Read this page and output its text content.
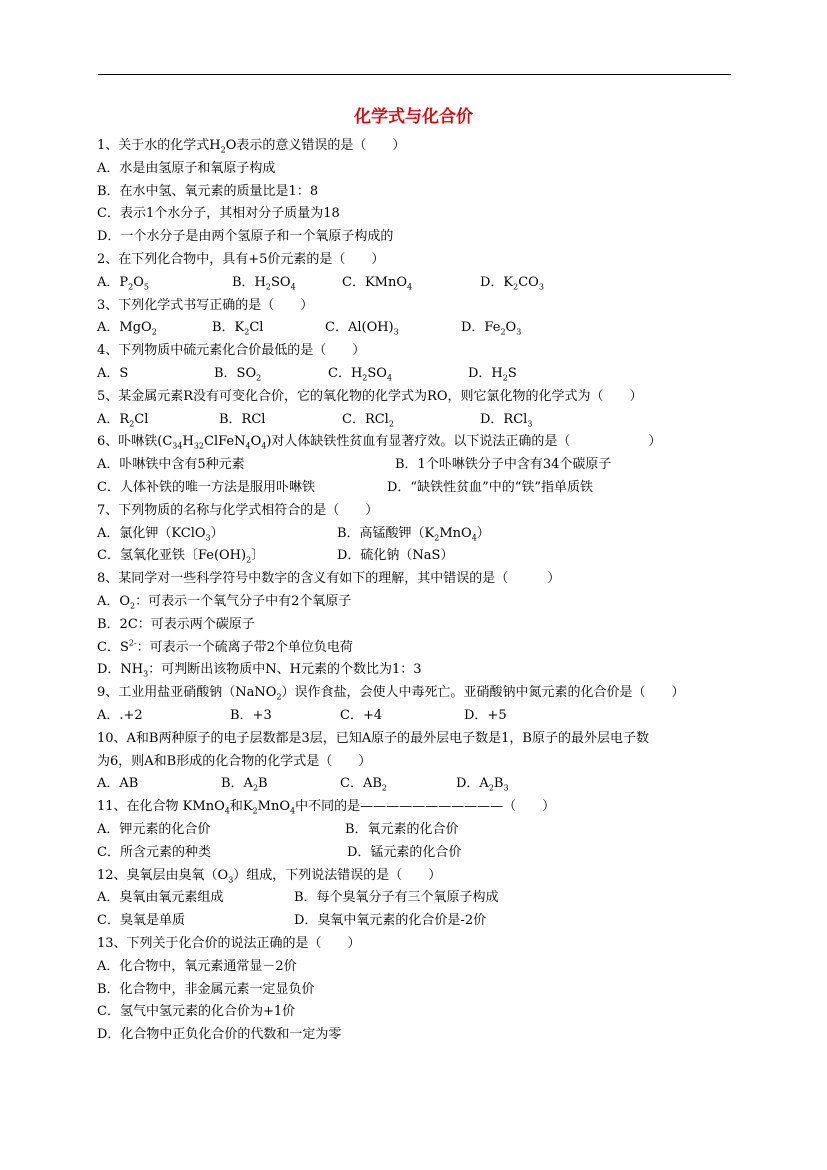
化学式与化合价
1、关于水的化学式$H_2O$表示的意义错误的是（　　）
A．水是由氢原子和氧原子构成
B．在水中氢、氧元素的质量比是1：8
C．表示1个水分子，其相对分子质量为18
D．一个水分子是由两个氢原子和一个氧原子构成的
2、在下列化合物中，具有+5价元素的是（　　）
A．$P_2O_5$	B．$H_2SO_4$	C．KMnO$_4$	D．$K_2CO_3$
3、下列化学式书写正确的是（　　）
A．MgO$_2$	B．$K_2Cl$	C．$Al(OH)_3$	D．$Fe_2O_3$
4、下列物质中硫元素化合价最低的是（　　）
A．S	B．$SO_2$	C．$H_2SO_4$	D．$H_2S$
5、某金属元素R没有可变化合价，它的氧化物的化学式为RO，则它氯化物的化学式为（　　）
A．$R_2Cl$	B．RCl	C．RCl$_2$	D．RCl$_3$
6、卟啉铁$(C_{34}H_{32}ClFeN_4O_4)$对人体缺铁性贫血有显著疗效。以下说法正确的是（　　　　　　）
A．卟啉铁中含有5种元素	B．1个卟啉铁分子中含有34个碳原子
C．人体补铁的唯一方法是服用卟啉铁	D．“缺铁性贫血”中的“铁”指单质铁
7、下列物质的名称与化学式相符合的是（　　）
A．氯化钾（KClO$_3$）	B．高锰酸钾$(K_2MnO_4)$
C．氢氧化亚铁〔$Fe(OH)_2$〕	D．硫化钠（NaS）
8、某同学对一些科学符号中数字的含义有如下的理解，其中错误的是（　　　）
A．$O_2$：可表示一个氧气分子中有2个氧原子
B．2C：可表示两个碳原子
C．$S^{2-}$：可表示一个硫离子带2个单位负电荷
D．$NH_3$：可判断出该物质中N、H元素的个数比为1：3
9、工业用盐亚硝酸钠（NaNO$_2$）误作食盐，会使人中毒死亡。亚硝酸钠中氮元素的化合价是（　　）
A．.+2	B．+3	C．+4	D．+5
10、A和B两种原子的电子层数都是3层，已知A原子的最外层电子数是1，B原子的最外层电子数
为6，则A和B形成的化合物的化学式是（　　）
A．AB	B．$A_2B$	C．$AB_2$	D．$A_2B_3$
11、在化合物 KMnO$_4$和$K_2MnO_4$中不同的是———————————（　　）
A．钾元素的化合价	B．氧元素的化合价
C．所含元素的种类	D．锰元素的化合价
12、臭氧层由臭氧$(O_3)$组成，下列说法错误的是（　　）
A．臭氧由氧元素组成	B．每个臭氧分子有三个氧原子构成
C．臭氧是单质	D．臭氧中氧元素的化合价是-2价
13、下列关于化合价的说法正确的是（　　）
A．化合物中，氧元素通常显－2价
B．化合物中，非金属元素一定显负价
C．氢气中氢元素的化合价为+1价
D．化合物中正负化合价的代数和一定为零
